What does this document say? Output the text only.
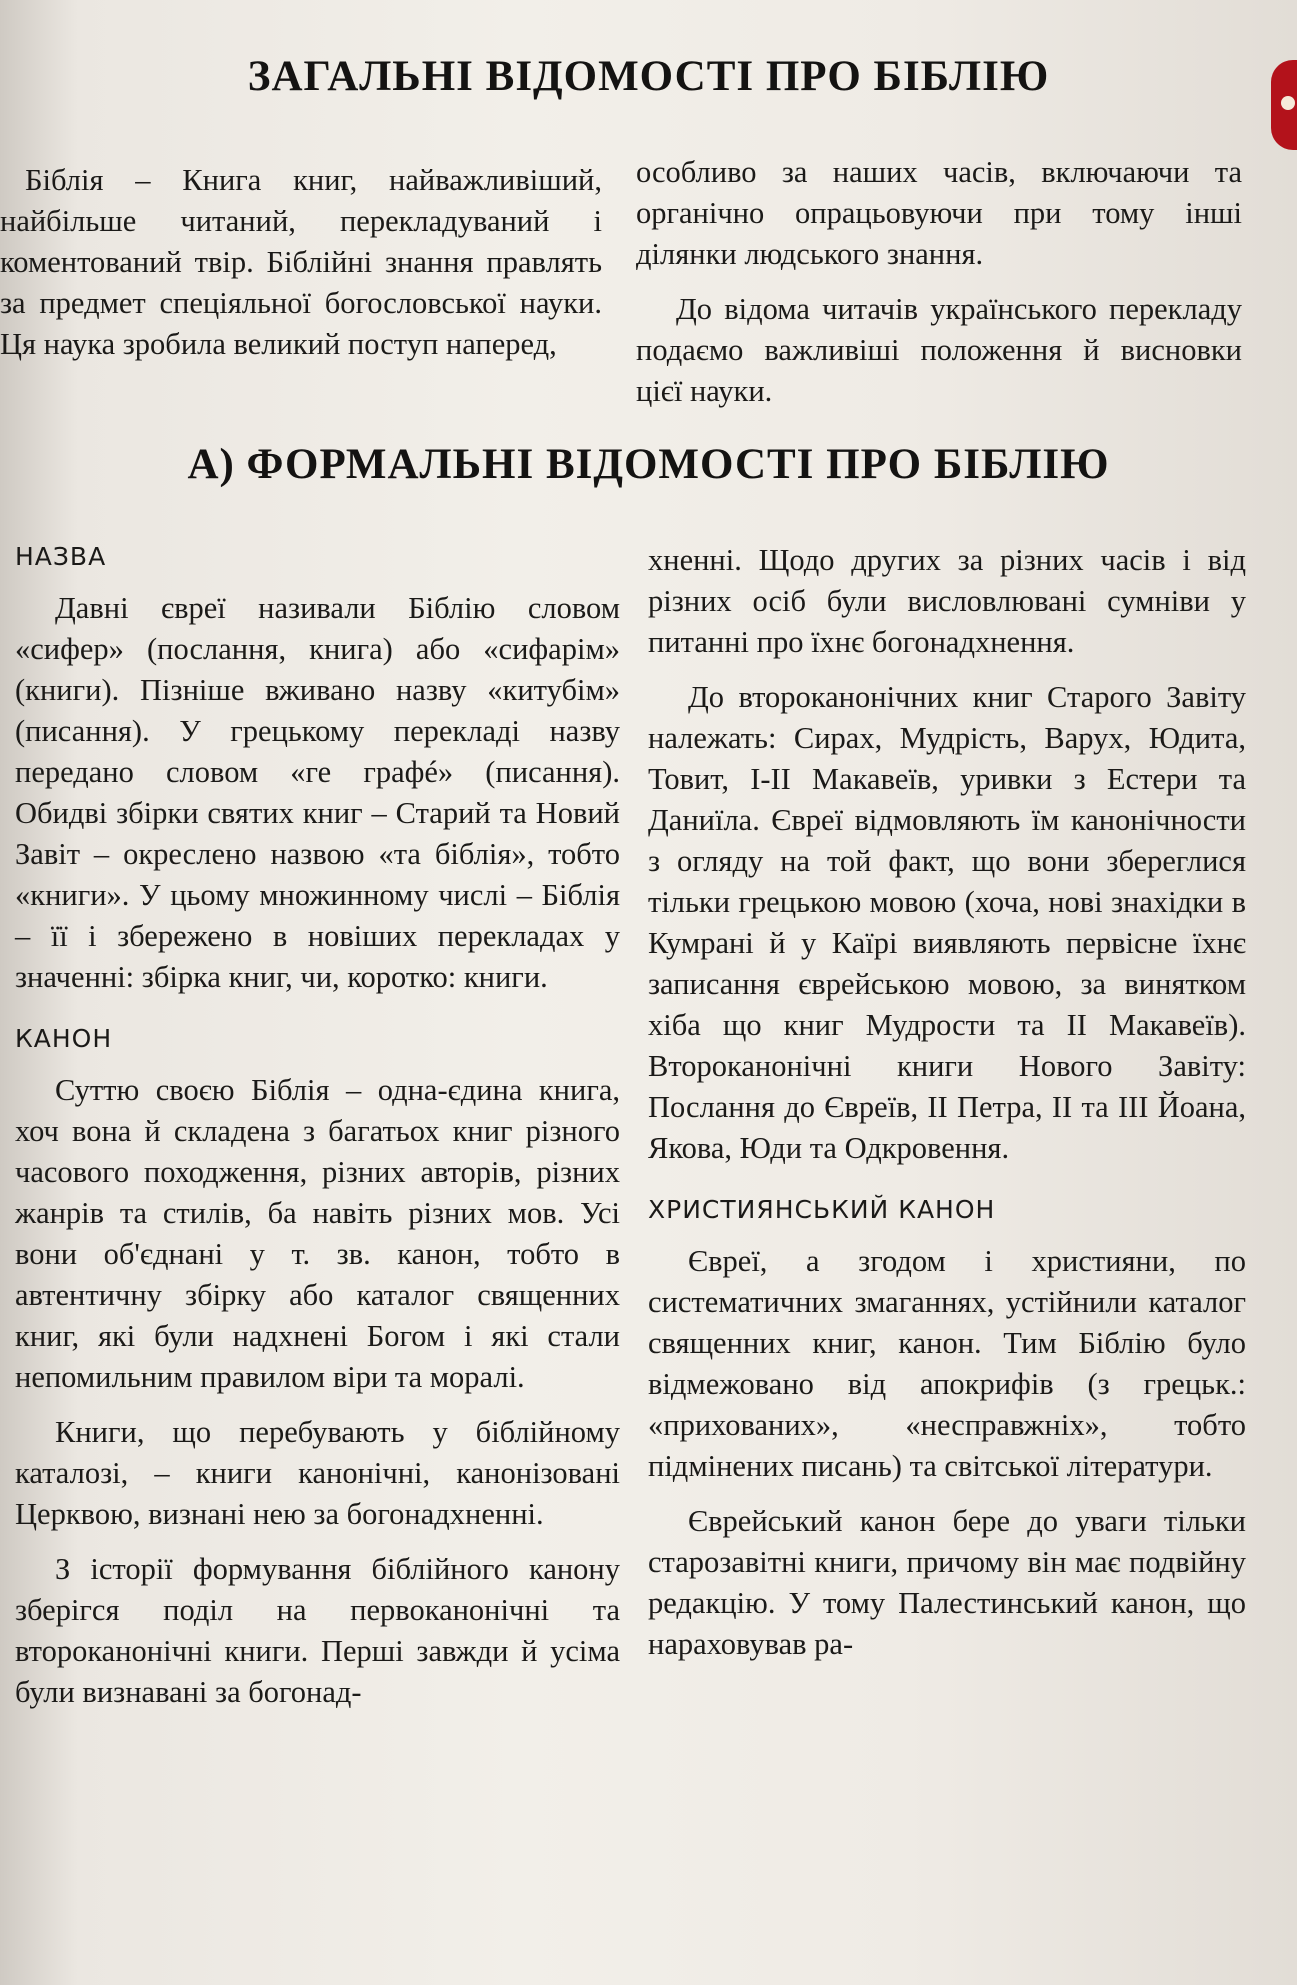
ЗАГАЛЬНІ ВІДОМОСТІ ПРО БІБЛІЮ

Біблія – Книга книг, найважливіший, найбільше читаний, перекладуваний і коментований твір. Біблійні знання правлять за предмет спеціяльної богословської науки. Ця наука зробила великий поступ наперед,

особливо за наших часів, включаючи та органічно опрацьовуючи при тому інші ділянки людського знання.

До відома читачів українського перекладу подаємо важливіші положення й висновки цієї науки.

А) ФОРМАЛЬНІ ВІДОМОСТІ ПРО БІБЛІЮ
НАЗВА

Давні євреї називали Біблію словом «сифер» (послання, книга) або «сифарім» (книги). Пізніше вживано назву «китубім» (писання). У грецькому перекладі назву передано словом «ге графé» (писання). Обидві збірки святих книг – Старий та Новий Завіт – окреслено назвою «та біблія», тобто «книги». У цьому множинному числі – Біблія – її і збережено в новіших перекладах у значенні: збірка книг, чи, коротко: книги.

КАНОН

Суттю своєю Біблія – одна-єдина книга, хоч вона й складена з багатьох книг різного часового походження, різних авторів, різних жанрів та стилів, ба навіть різних мов. Усі вони об'єднані у т. зв. канон, тобто в автентичну збірку або каталог священних книг, які були надхнені Богом і які стали непомильним правилом віри та моралі.

Книги, що перебувають у біблійному каталозі, – книги канонічні, канонізовані Церквою, визнані нею за богонадхненні.

З історії формування біблійного канону зберігся поділ на первоканонічні та второканонічні книги. Перші завжди й усіма були визнавані за богонад-

хненні. Щодо других за різних часів і від різних осіб були висловлювані сумніви у питанні про їхнє богонадхнення.

До второканонічних книг Старого Завіту належать: Сирах, Мудрість, Варух, Юдита, Товит, І-ІІ Макавеїв, уривки з Естери та Даниїла. Євреї відмовляють їм канонічности з огляду на той факт, що вони збереглися тільки грецькою мовою (хоча, нові знахідки в Кумрані й у Каїрі виявляють первісне їхнє записання єврейською мовою, за винятком хіба що книг Мудрости та ІІ Макавеїв). Второканонічні книги Нового Завіту: Послання до Євреїв, ІІ Петра, ІІ та ІІІ Йоана, Якова, Юди та Одкровення.

ХРИСТИЯНСЬКИЙ КАНОН

Євреї, а згодом і християни, по систематичних змаганнях, устійнили каталог священних книг, канон. Тим Біблію було відмежовано від апокрифів (з грецьк.: «прихованих», «несправжніх», тобто підмінених писань) та світської літератури.

Єврейський канон бере до уваги тільки старозавітні книги, причому він має подвійну редакцію. У тому Палестинський канон, що нараховував ра-
